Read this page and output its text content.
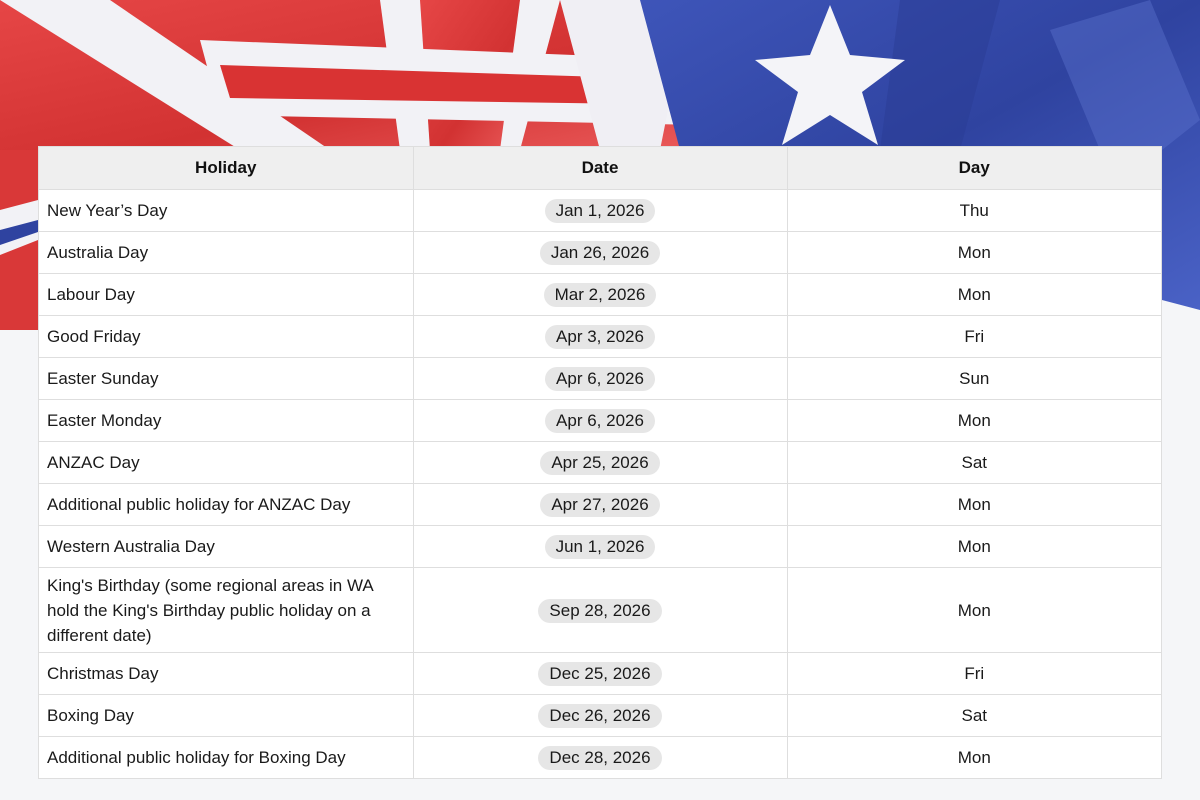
Holiday	Date	Day
New Year’s Day	Jan 1, 2026	Thu
Australia Day	Jan 26, 2026	Mon
Labour Day	Mar 2, 2026	Mon
Good Friday	Apr 3, 2026	Fri
Easter Sunday	Apr 6, 2026	Sun
Easter Monday	Apr 6, 2026	Mon
ANZAC Day	Apr 25, 2026	Sat
Additional public holiday for ANZAC Day	Apr 27, 2026	Mon
Western Australia Day	Jun 1, 2026	Mon
King's Birthday (some regional areas in WA hold the King's Birthday public holiday on a different date)	Sep 28, 2026	Mon
Christmas Day	Dec 25, 2026	Fri
Boxing Day	Dec 26, 2026	Sat
Additional public holiday for Boxing Day	Dec 28, 2026	Mon
